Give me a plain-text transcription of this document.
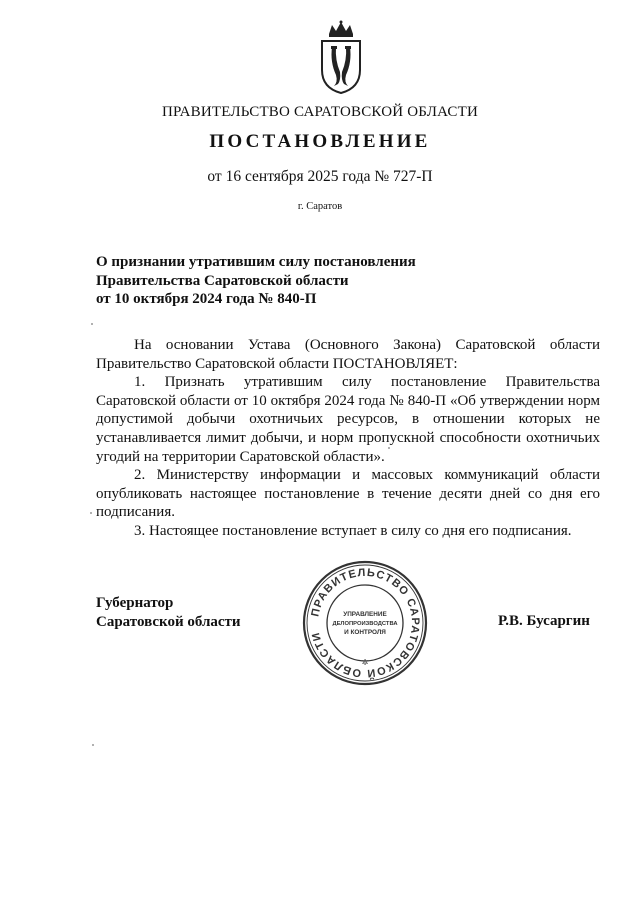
ПРАВИТЕЛЬСТВО САРАТОВСКОЙ ОБЛАСТИ
ПОСТАНОВЛЕНИЕ
от 16 сентября 2025 года № 727-П
г. Саратов
О признании утратившим силу постановления
Правительства Саратовской области
от 10 октября 2024 года № 840-П

На основании Устава (Основного Закона) Саратовской области Правительство Саратовской области ПОСТАНОВЛЯЕТ:

1. Признать утратившим силу постановление Правительства Саратовской области от 10 октября 2024 года № 840-П «Об утверждении норм допустимой добычи охотничьих ресурсов, в отношении которых не устанавливается лимит добычи, и норм пропускной способности охотничьих угодий на территории Саратовской области».

2. Министерству информации и массовых коммуникаций области опубликовать настоящее постановление в течение десяти дней со дня его подписания.

3. Настоящее постановление вступает в силу со дня его подписания.

Губернатор
Саратовской области	Р.В. Бусаргин
ПРАВИТЕЛЬСТВО САРАТОВСКОЙ ОБЛАСТИ
УПРАВЛЕНИЕ
ДЕЛОПРОИЗВОДСТВА
И КОНТРОЛЯ
✲
